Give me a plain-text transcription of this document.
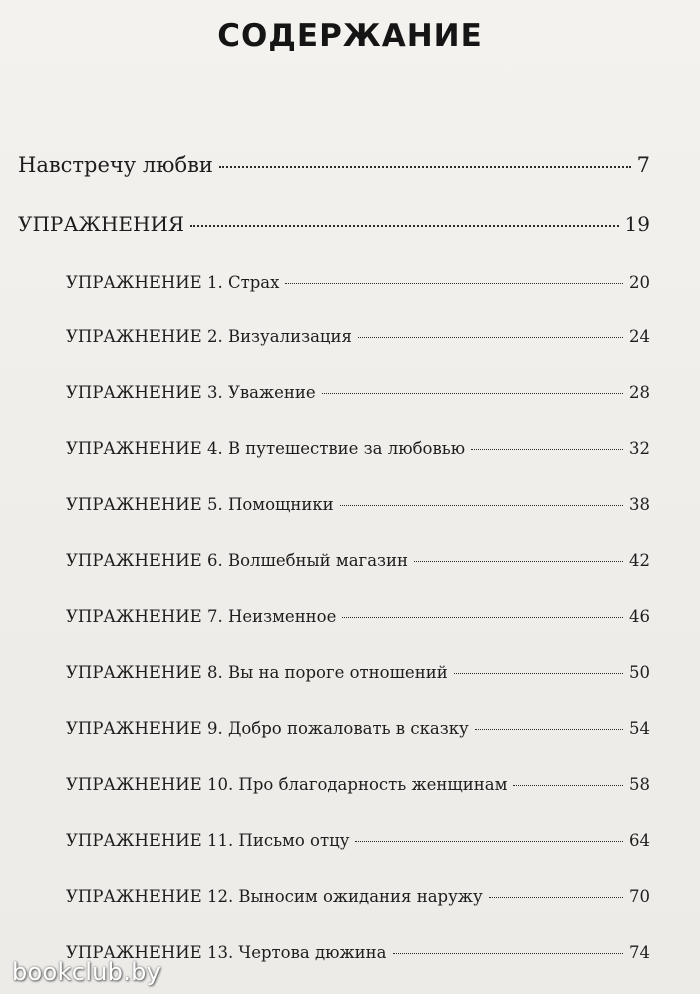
СОДЕРЖАНИЕ
Навстречу любви	7
УПРАЖНЕНИЯ	19
УПРАЖНЕНИЕ 1. Страх	20
УПРАЖНЕНИЕ 2. Визуализация	24
УПРАЖНЕНИЕ 3. Уважение	28
УПРАЖНЕНИЕ 4. В путешествие за любовью	32
УПРАЖНЕНИЕ 5. Помощники	38
УПРАЖНЕНИЕ 6. Волшебный магазин	42
УПРАЖНЕНИЕ 7. Неизменное	46
УПРАЖНЕНИЕ 8. Вы на пороге отношений	50
УПРАЖНЕНИЕ 9. Добро пожаловать в сказку	54
УПРАЖНЕНИЕ 10. Про благодарность женщинам	58
УПРАЖНЕНИЕ 11. Письмо отцу	64
УПРАЖНЕНИЕ 12. Выносим ожидания наружу	70
УПРАЖНЕНИЕ 13. Чертова дюжина	74
bookclub.by
